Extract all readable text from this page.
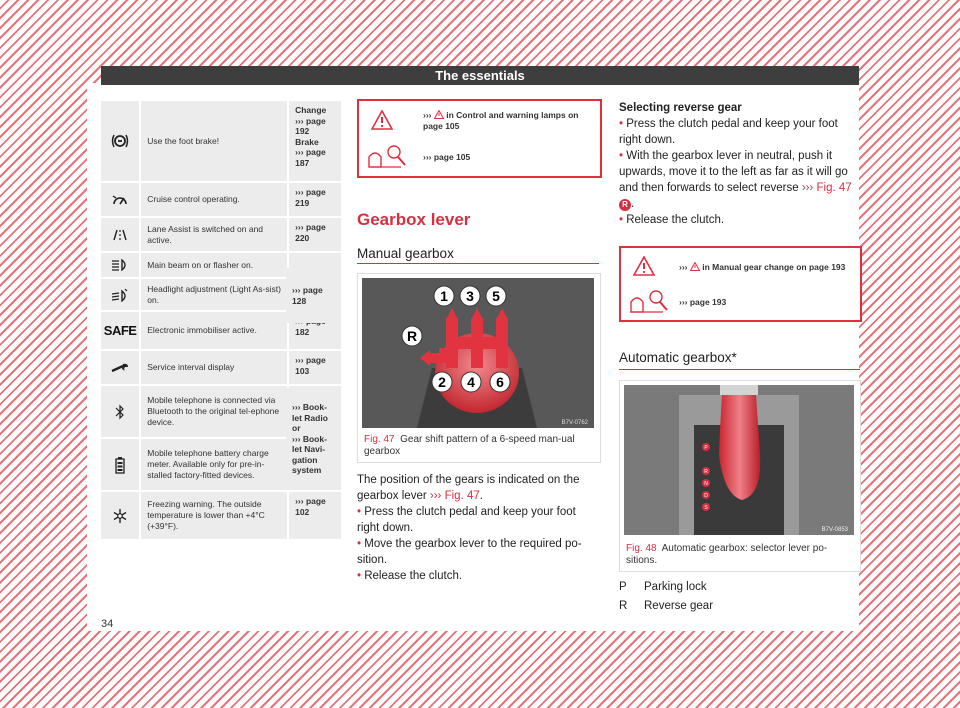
The essentials
34
Use the foot brake!
Change
››› page
192
Brake
››› page
187
Cruise control operating.
››› page
219
Lane Assist is switched on and active.
››› page
220
Main beam on or flasher on.
Headlight adjustment (Light As-sist) on.
SAFE	Electronic immobiliser active.	182
Service interval display
››› page
103
Mobile telephone is connected via Bluetooth to the original tel-ephone device.
Mobile telephone battery charge meter. Available only for pre-in-stalled factory-fitted devices.
Freezing warning. The outside temperature is lower than +4°C (+39°F).
››› page
102
››› page
128
››› Book-
let Radio
or
››› Book-
let Navi-
gation
system
››› in Control and warning lamps on
page 105
››› page 105
Gearbox lever
Manual gearbox
1 3 5
R
2 4 6
B7V-0762
Fig. 47 Gear shift pattern of a 6-speed man-ual gearbox
The position of the gears is indicated on the gearbox lever ››› Fig. 47.
• Press the clutch pedal and keep your foot right down.
• Move the gearbox lever to the required po-sition.
• Release the clutch.
Selecting reverse gear
• Press the clutch pedal and keep your foot right down.
• With the gearbox lever in neutral, push it upwards, move it to the left as far as it will go and then forwards to select reverse ››› Fig. 47
R .
• Release the clutch.
››› in Manual gear change on page 193
››› page 193
Automatic gearbox*
P
R
N
D
S
B7V-0853
Fig. 48 Automatic gearbox: selector lever po-sitions.
P Parking lock
R Reverse gear
